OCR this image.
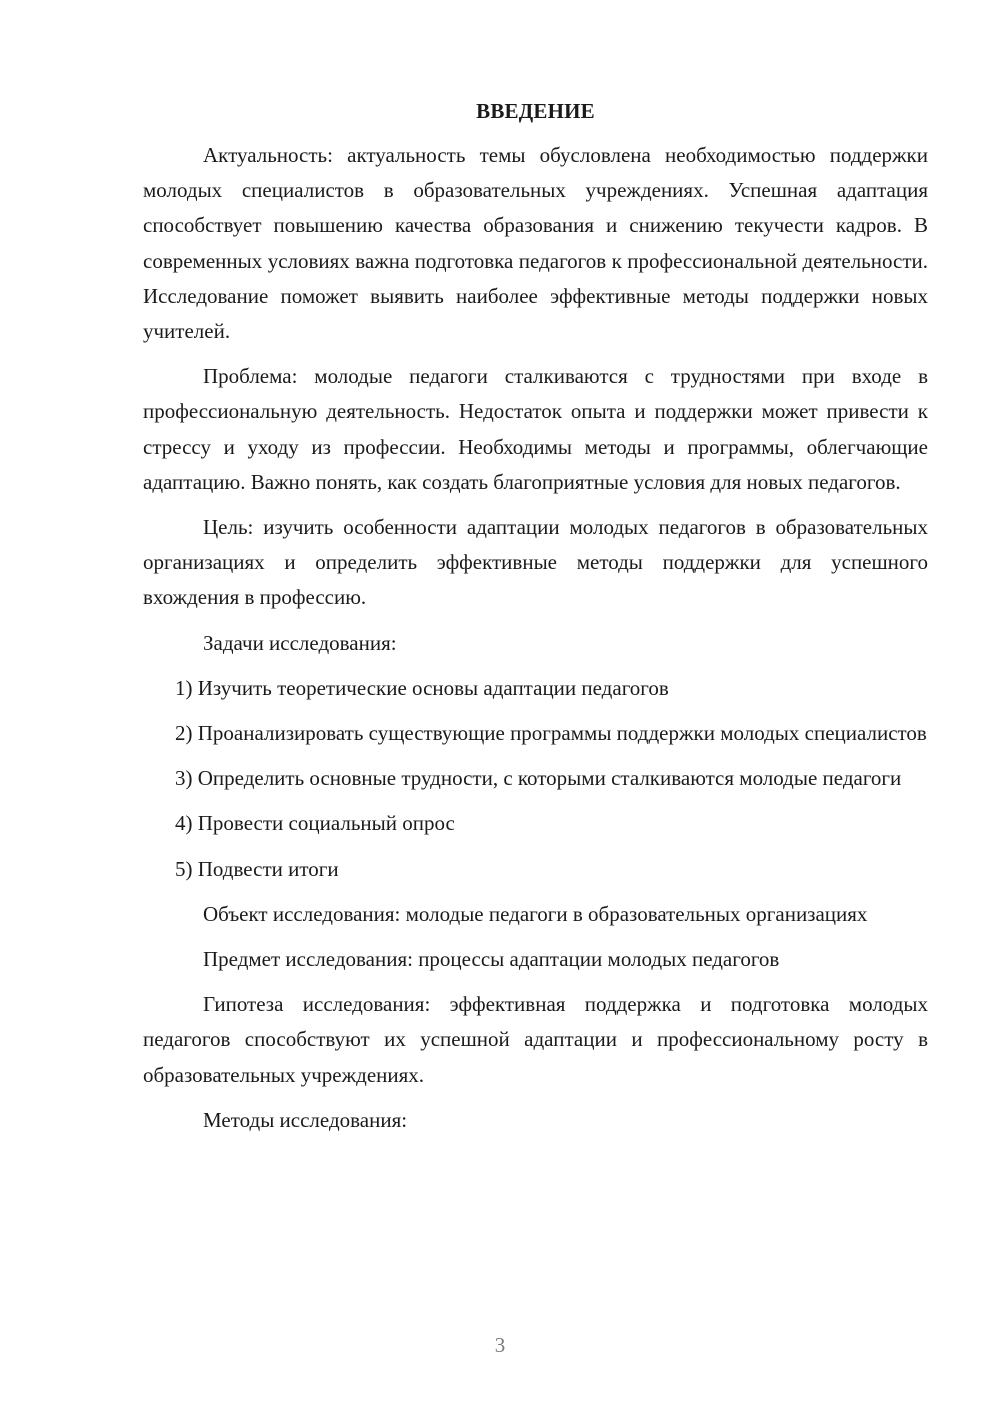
ВВЕДЕНИЕ
Актуальность: актуальность темы обусловлена необходимостью поддержки молодых специалистов в образовательных учреждениях. Успешная адаптация способствует повышению качества образования и снижению текучести кадров. В современных условиях важна подготовка педагогов к профессиональной деятельности. Исследование поможет выявить наиболее эффективные методы поддержки новых учителей.
Проблема: молодые педагоги сталкиваются с трудностями при входе в профессиональную деятельность. Недостаток опыта и поддержки может привести к стрессу и уходу из профессии. Необходимы методы и программы, облегчающие адаптацию. Важно понять, как создать благоприятные условия для новых педагогов.
Цель: изучить особенности адаптации молодых педагогов в образовательных организациях и определить эффективные методы поддержки для успешного вхождения в профессию.
Задачи исследования:
1) Изучить теоретические основы адаптации педагогов
2) Проанализировать существующие программы поддержки молодых специалистов
3) Определить основные трудности, с которыми сталкиваются молодые педагоги
4) Провести социальный опрос
5) Подвести итоги
Объект исследования: молодые педагоги в образовательных организациях
Предмет исследования: процессы адаптации молодых педагогов
Гипотеза исследования: эффективная поддержка и подготовка молодых педагогов способствуют их успешной адаптации и профессиональному росту в образовательных учреждениях.
Методы исследования:
3
